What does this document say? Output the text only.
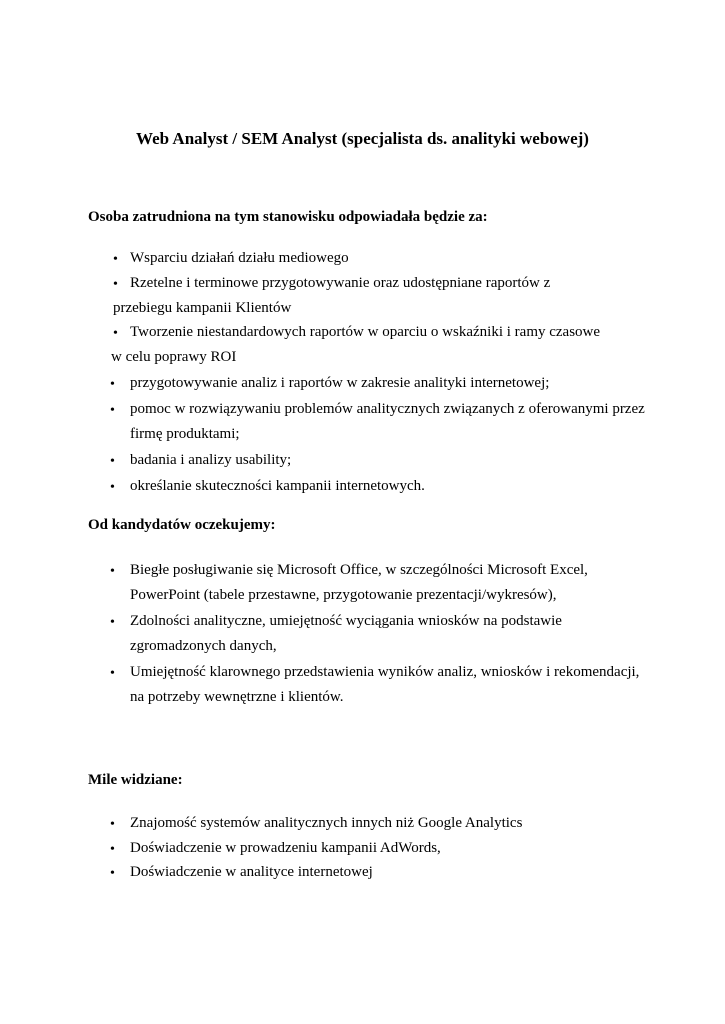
Web Analyst / SEM Analyst (specjalista ds. analityki webowej)
Osoba zatrudniona na tym stanowisku odpowiadała będzie za:
• Wsparciu działań działu mediowego
• Rzetelne i terminowe przygotowywanie oraz udostępniane raportów z
przebiegu kampanii Klientów
• Tworzenie niestandardowych raportów w oparciu o wskaźniki i ramy czasowe
w celu poprawy ROI
• przygotowywanie analiz i raportów w zakresie analityki internetowej;
• pomoc w rozwiązywaniu problemów analitycznych związanych z oferowanymi przez
firmę produktami;
• badania i analizy usability;
• określanie skuteczności kampanii internetowych.
Od kandydatów oczekujemy:
• Biegłe posługiwanie się Microsoft Office, w szczególności Microsoft Excel,
PowerPoint (tabele przestawne, przygotowanie prezentacji/wykresów),
• Zdolności analityczne, umiejętność wyciągania wniosków na podstawie
zgromadzonych danych,
• Umiejętność klarownego przedstawienia wyników analiz, wniosków i rekomendacji,
na potrzeby wewnętrzne i klientów.
Mile widziane:
• Znajomość systemów analitycznych innych niż Google Analytics
• Doświadczenie w prowadzeniu kampanii AdWords,
• Doświadczenie w analityce internetowej
